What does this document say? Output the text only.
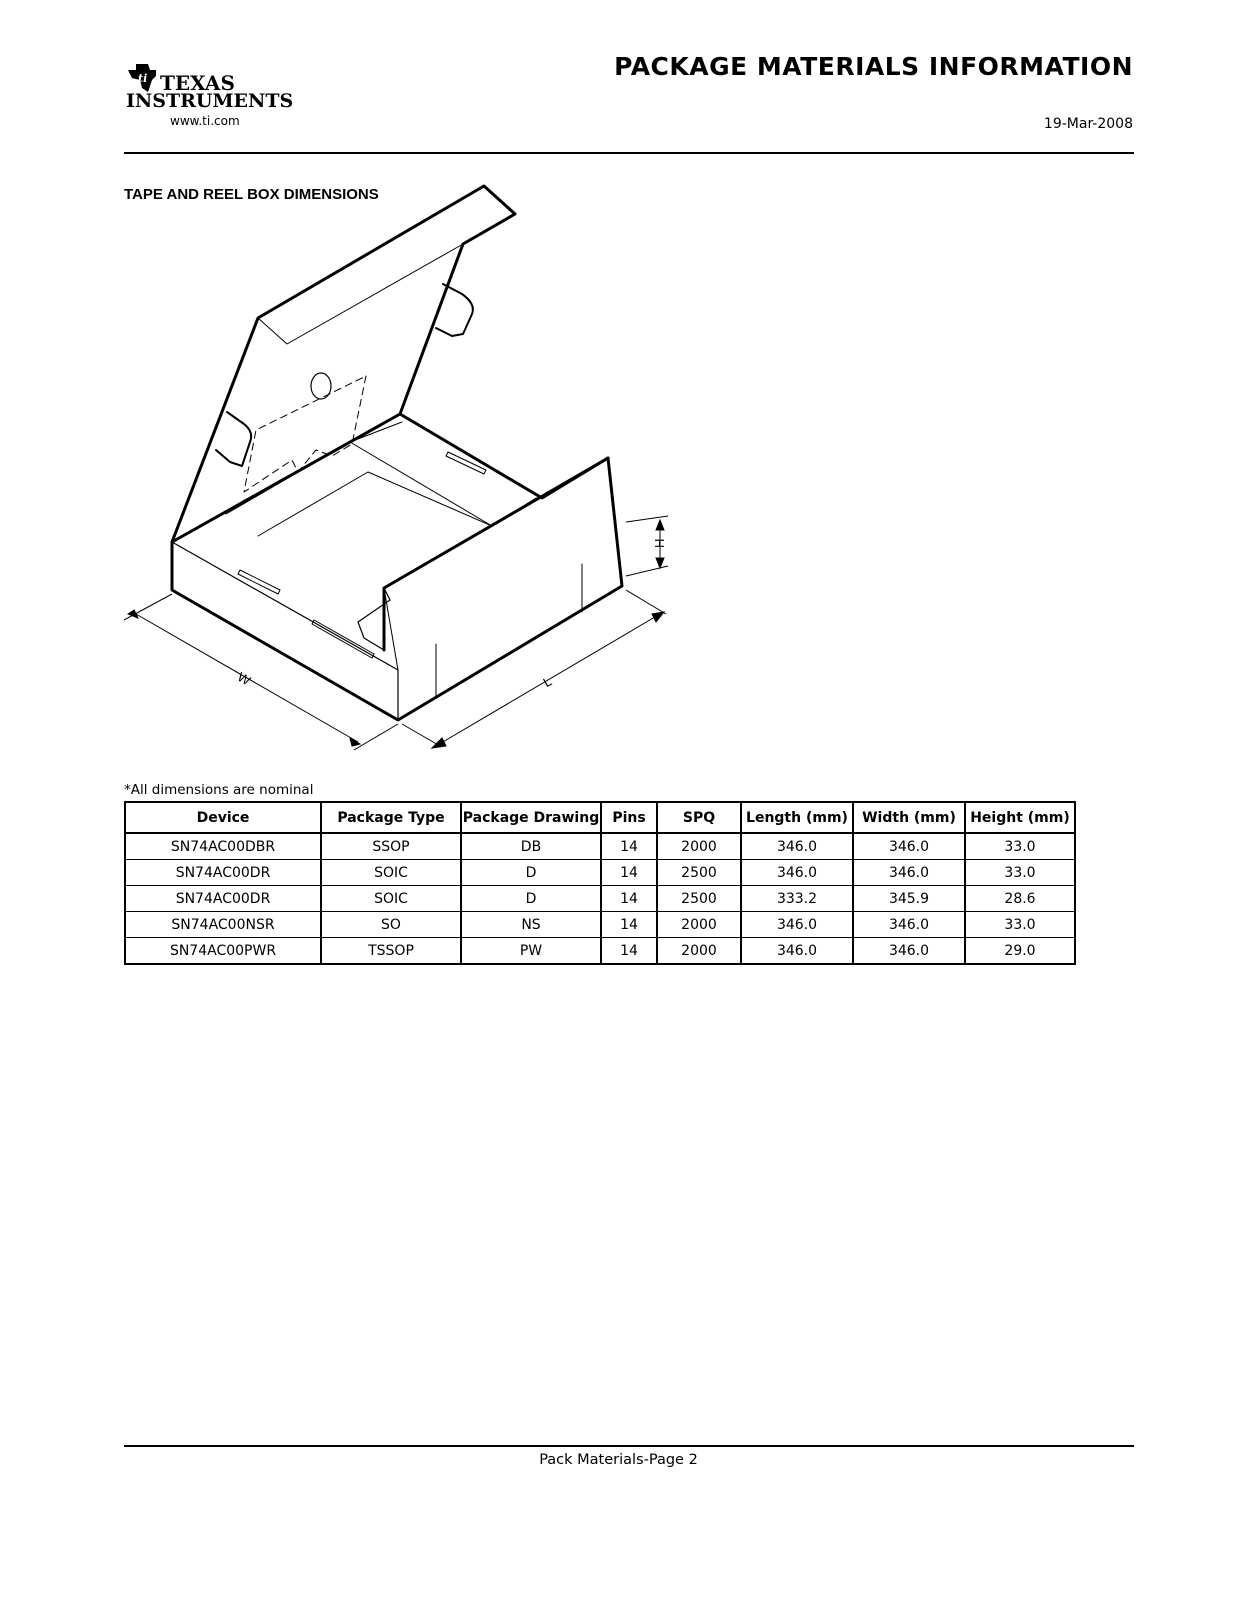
ti TEXAS
INSTRUMENTS
www.ti.com
PACKAGE MATERIALS INFORMATION
19-Mar-2008
TAPE AND REEL BOX DIMENSIONS
H
W	L
*All dimensions are nominal
Device	Package Type	Package Drawing	Pins	SPQ	Length (mm)	Width (mm)	Height (mm)
SN74AC00DBR	SSOP	DB	14	2000	346.0	346.0	33.0
SN74AC00DR	SOIC	D	14	2500	346.0	346.0	33.0
SN74AC00DR	SOIC	D	14	2500	333.2	345.9	28.6
SN74AC00NSR	SO	NS	14	2000	346.0	346.0	33.0
SN74AC00PWR	TSSOP	PW	14	2000	346.0	346.0	29.0
Pack Materials-Page 2
